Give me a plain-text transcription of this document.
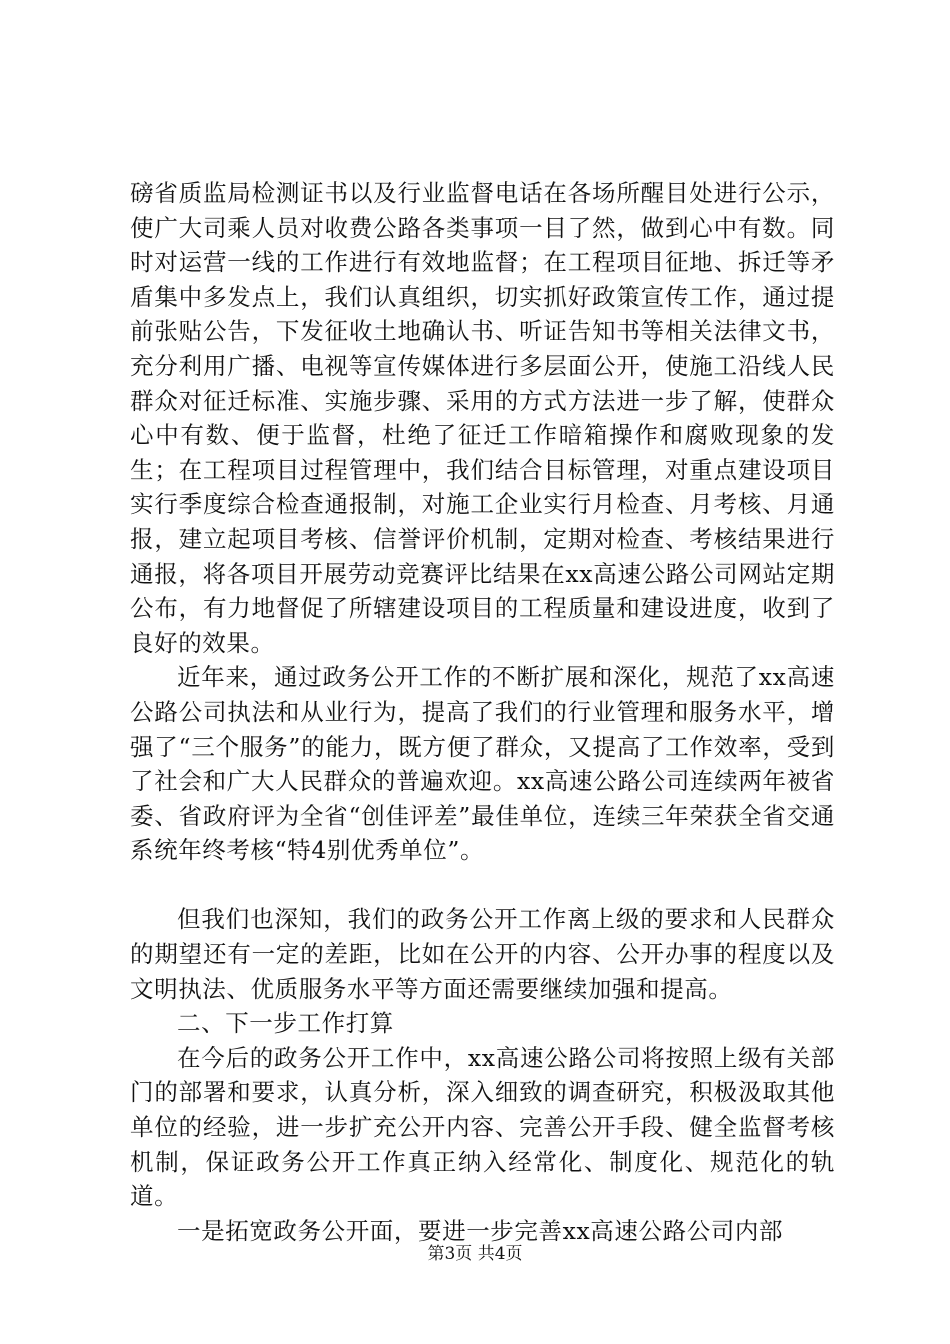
磅省质监局检测证书以及行业监督电话在各场所醒目处进行公示，使广大司乘人员对收费公路各类事项一目了然，做到心中有数。同时对运营一线的工作进行有效地监督；在工程项目征地、拆迁等矛盾集中多发点上，我们认真组织，切实抓好政策宣传工作，通过提前张贴公告，下发征收土地确认书、听证告知书等相关法律文书，充分利用广播、电视等宣传媒体进行多层面公开，使施工沿线人民群众对征迁标准、实施步骤、采用的方式方法进一步了解，使群众心中有数、便于监督，杜绝了征迁工作暗箱操作和腐败现象的发生；在工程项目过程管理中，我们结合目标管理，对重点建设项目实行季度综合检查通报制，对施工企业实行月检查、月考核、月通报，建立起项目考核、信誉评价机制，定期对检查、考核结果进行通报，将各项目开展劳动竞赛评比结果在xx高速公路公司网站定期公布，有力地督促了所辖建设项目的工程质量和建设进度，收到了良好的效果。

近年来，通过政务公开工作的不断扩展和深化，规范了xx高速公路公司执法和从业行为，提高了我们的行业管理和服务水平，增强了“三个服务”的能力，既方便了群众，又提高了工作效率，受到了社会和广大人民群众的普遍欢迎。xx高速公路公司连续两年被省委、省政府评为全省“创佳评差”最佳单位，连续三年荣获全省交通系统年终考核“特4别优秀单位”。

但我们也深知，我们的政务公开工作离上级的要求和人民群众的期望还有一定的差距，比如在公开的内容、公开办事的程度以及文明执法、优质服务水平等方面还需要继续加强和提高。

二、下一步工作打算

在今后的政务公开工作中，xx高速公路公司将按照上级有关部门的部署和要求，认真分析，深入细致的调查研究，积极汲取其他单位的经验，进一步扩充公开内容、完善公开手段、健全监督考核机制，保证政务公开工作真正纳入经常化、制度化、规范化的轨道。

一是拓宽政务公开面，要进一步完善xx高速公路公司内部

第3页 共4页
